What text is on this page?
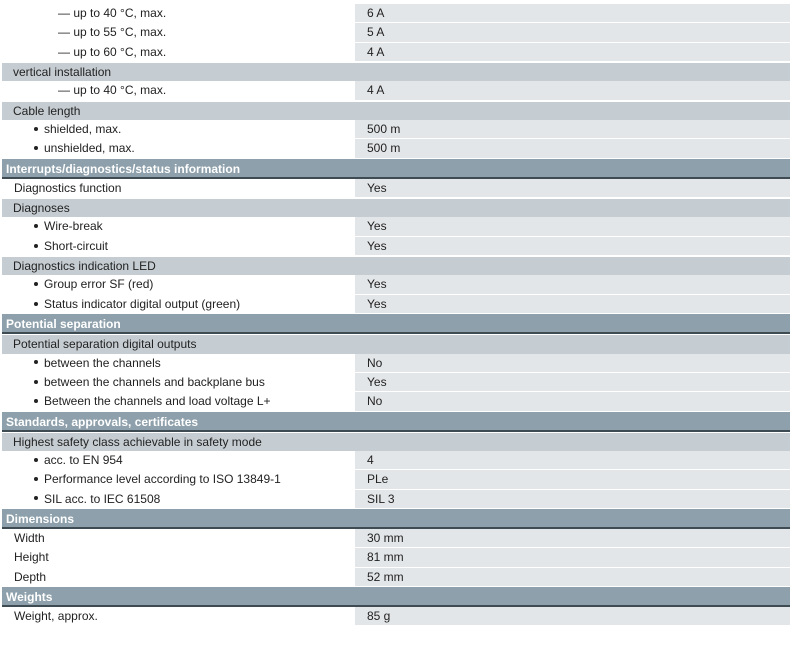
— up to 40 °C, max.	6 A
— up to 55 °C, max.	5 A
— up to 60 °C, max.	4 A
vertical installation
— up to 40 °C, max.	4 A
Cable length
shielded, max.	500 m
unshielded, max.	500 m
Interrupts/diagnostics/status information
Diagnostics function	Yes
Diagnoses
Wire-break	Yes
Short-circuit	Yes
Diagnostics indication LED
Group error SF (red)	Yes
Status indicator digital output (green)	Yes
Potential separation
Potential separation digital outputs
between the channels	No
between the channels and backplane bus	Yes
Between the channels and load voltage L+	No
Standards, approvals, certificates
Highest safety class achievable in safety mode
acc. to EN 954	4
Performance level according to ISO 13849-1	PLe
SIL acc. to IEC 61508	SIL 3
Dimensions
Width	30 mm
Height	81 mm
Depth	52 mm
Weights
Weight, approx.	85 g
